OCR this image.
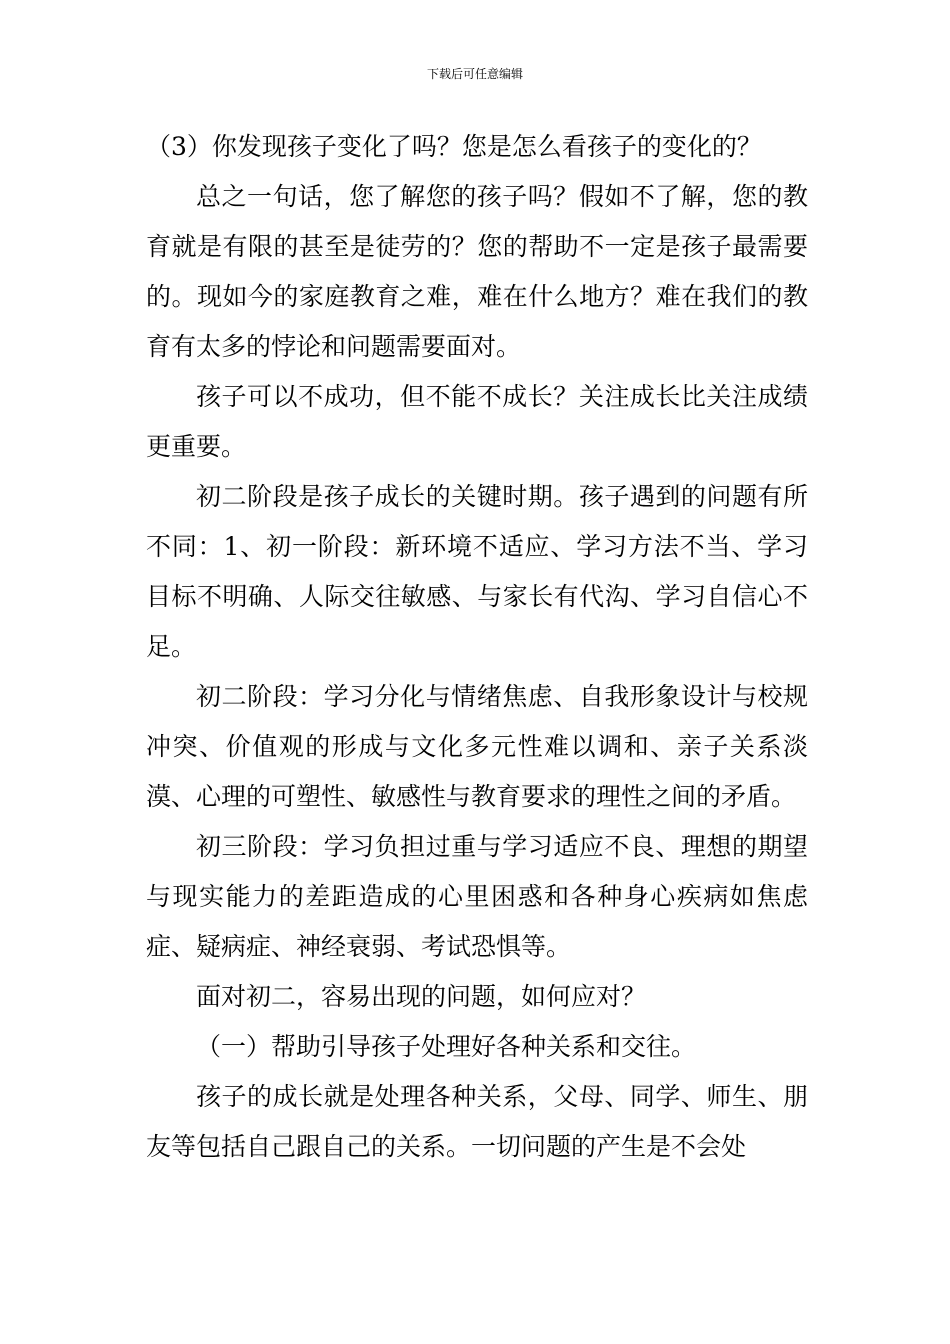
下载后可任意编辑

（3）你发现孩子变化了吗？您是怎么看孩子的变化的？

总之一句话，您了解您的孩子吗？假如不了解，您的教育就是有限的甚至是徒劳的？您的帮助不一定是孩子最需要的。现如今的家庭教育之难，难在什么地方？难在我们的教育有太多的悖论和问题需要面对。

孩子可以不成功，但不能不成长？关注成长比关注成绩更重要。

初二阶段是孩子成长的关键时期。孩子遇到的问题有所不同：1、初一阶段：新环境不适应、学习方法不当、学习目标不明确、人际交往敏感、与家长有代沟、学习自信心不足。

初二阶段：学习分化与情绪焦虑、自我形象设计与校规冲突、价值观的形成与文化多元性难以调和、亲子关系淡漠、心理的可塑性、敏感性与教育要求的理性之间的矛盾。

初三阶段：学习负担过重与学习适应不良、理想的期望与现实能力的差距造成的心里困惑和各种身心疾病如焦虑症、疑病症、神经衰弱、考试恐惧等。

面对初二，容易出现的问题，如何应对？

（一）帮助引导孩子处理好各种关系和交往。

孩子的成长就是处理各种关系，父母、同学、师生、朋友等包括自己跟自己的关系。一切问题的产生是不会处
